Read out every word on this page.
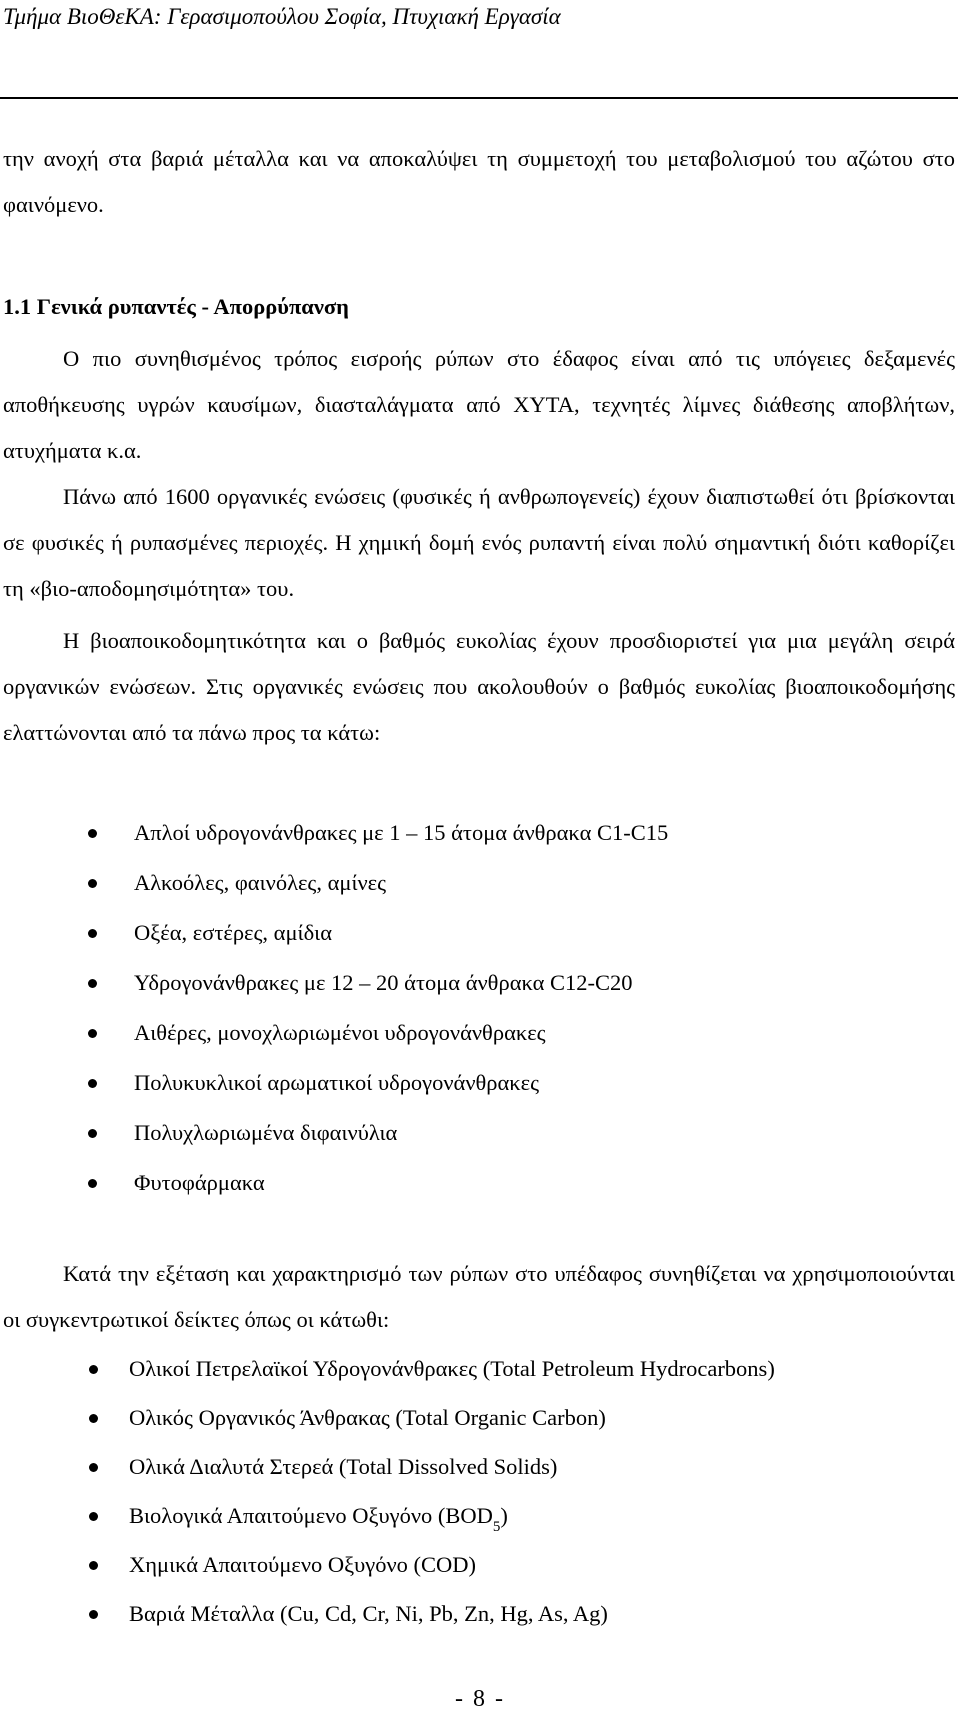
Τμήμα ΒιοΘεΚΑ: Γερασιμοπούλου Σοφία, Πτυχιακή Εργασία

την ανοχή στα βαριά μέταλλα και να αποκαλύψει τη συμμετοχή του μεταβολισμού του αζώτου στο φαινόμενο.

1.1 Γενικά ρυπαντές - Απορρύπανση

Ο πιο συνηθισμένος τρόπος εισροής ρύπων στο έδαφος είναι από τις υπόγειες δεξαμενές αποθήκευσης υγρών καυσίμων, διασταλάγματα από ΧΥΤΑ, τεχνητές λίμνες διάθεσης αποβλήτων, ατυχήματα κ.α.

Πάνω από 1600 οργανικές ενώσεις (φυσικές ή ανθρωπογενείς) έχουν διαπιστωθεί ότι βρίσκονται σε φυσικές ή ρυπασμένες περιοχές. Η χημική δομή ενός ρυπαντή είναι πολύ σημαντική διότι καθορίζει τη «βιο-αποδομησιμότητα» του.

Η βιοαποικοδομητικότητα και ο βαθμός ευκολίας έχουν προσδιοριστεί για μια μεγάλη σειρά οργανικών ενώσεων. Στις οργανικές ενώσεις που ακολουθούν ο βαθμός ευκολίας βιοαποικοδομήσης ελαττώνονται από τα πάνω προς τα κάτω:

Απλοί υδρογονάνθρακες με 1 – 15 άτομα άνθρακα C1-C15
Αλκοόλες, φαινόλες, αμίνες
Οξέα, εστέρες, αμίδια
Υδρογονάνθρακες με 12 – 20 άτομα άνθρακα C12-C20
Αιθέρες, μονοχλωριωμένοι υδρογονάνθρακες
Πολυκυκλικοί αρωματικοί υδρογονάνθρακες
Πολυχλωριωμένα διφαινύλια
Φυτοφάρμακα

Κατά την εξέταση και χαρακτηρισμό των ρύπων στο υπέδαφος συνηθίζεται να χρησιμοποιούνται οι συγκεντρωτικοί δείκτες όπως οι κάτωθι:

Ολικοί Πετρελαϊκοί Υδρογονάνθρακες (Total Petroleum Hydrocarbons)
Ολικός Οργανικός Άνθρακας (Total Organic Carbon)
Ολικά Διαλυτά Στερεά (Total Dissolved Solids)
Βιολογικά Απαιτούμενο Οξυγόνο $(BOD_5)$
Χημικά Απαιτούμενο Οξυγόνο (COD)
Βαριά Μέταλλα (Cu, Cd, Cr, Ni, Pb, Zn, Hg, As, Ag)
- 8 -
